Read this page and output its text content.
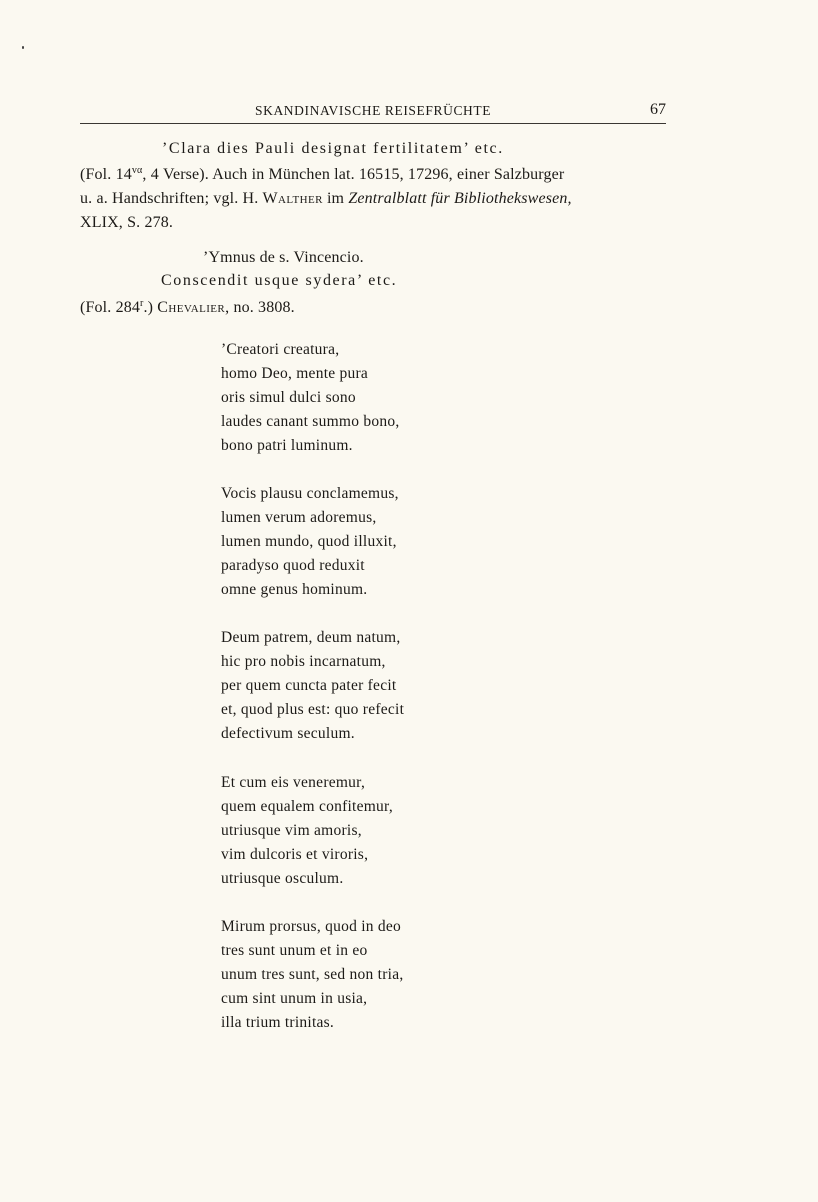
SKANDINAVISCHE REISEFRÜCHTE	67
’Clara dies Pauli designat fertilitatem’ etc.
(Fol. $14^{v\alpha}$, 4 Verse). Auch in München lat. 16515, 17296, einer Salzburger
u. a. Handschriften; vgl. H. Walther im Zentralblatt für Bibliothekswesen,
XLIX, S. 278.
’Ymnus de s. Vincencio.
Conscendit usque sydera’ etc.
(Fol. 284$^r$.) Chevalier, no. 3808.
’Creatori creatura,
homo Deo, mente pura
oris simul dulci sono
laudes canant summo bono,
bono patri luminum.
Vocis plausu conclamemus,
lumen verum adoremus,
lumen mundo, quod illuxit,
paradyso quod reduxit
omne genus hominum.
Deum patrem, deum natum,
hic pro nobis incarnatum,
per quem cuncta pater fecit
et, quod plus est: quo refecit
defectivum seculum.
Et cum eis veneremur,
quem equalem confitemur,
utriusque vim amoris,
vim dulcoris et viroris,
utriusque osculum.
Mirum prorsus, quod in deo
tres sunt unum et in eo
unum tres sunt, sed non tria,
cum sint unum in usia,
illa trium trinitas.
